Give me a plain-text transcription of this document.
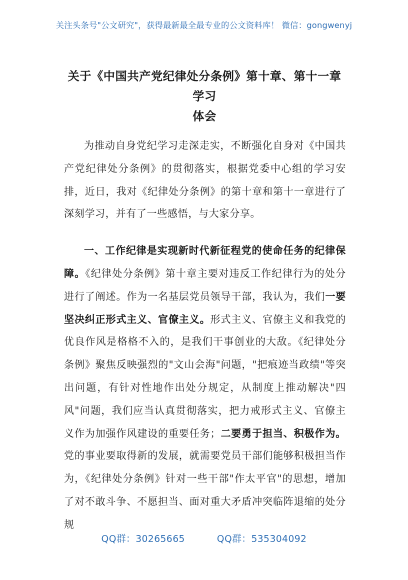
关注头条号"公文研究"，获得最新最全最专业的公文资料库！ 微信：gongwenyj
关于《中国共产党纪律处分条例》第十章、第十一章学习
体会

为推动自身党纪学习走深走实，不断强化自身对《中国共产党纪律处分条例》的贯彻落实，根据党委中心组的学习安排，近日，我对《纪律处分条例》的第十章和第十一章进行了深刻学习，并有了一些感悟，与大家分享。

一、工作纪律是实现新时代新征程党的使命任务的纪律保障。《纪律处分条例》第十章主要对违反工作纪律行为的处分进行了阐述。作为一名基层党员领导干部，我认为，我们一要坚决纠正形式主义、官僚主义。形式主义、官僚主义和我党的优良作风是格格不入的，是我们干事创业的大敌。《纪律处分条例》聚焦反映强烈的"文山会海"问题，"把痕迹当政绩"等突出问题，有针对性地作出处分规定，从制度上推动解决"四风"问题，我们应当认真贯彻落实，把力戒形式主义、官僚主义作为加强作风建设的重要任务；二要勇于担当、积极作为。党的事业要取得新的发展，就需要党员干部们能够积极担当作为，《纪律处分条例》针对一些干部"作太平官"的思想，增加了对不敢斗争、不愿担当、面对重大矛盾冲突临阵退缩的处分规

QQ群：30265665	QQ群：535304092
